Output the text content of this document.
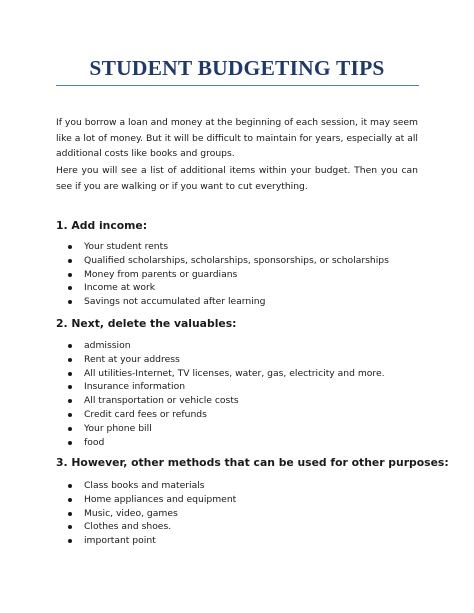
STUDENT BUDGETING TIPS

If you borrow a loan and money at the beginning of each session, it may seem like a lot of money. But it will be difficult to maintain for years, especially at all additional costs like books and groups.

Here you will see a list of additional items within your budget. Then you can see if you are walking or if you want to cut everything.

1. Add income:
Your student rents
Qualified scholarships, scholarships, sponsorships, or scholarships
Money from parents or guardians
Income at work
Savings not accumulated after learning
2. Next, delete the valuables:
admission
Rent at your address
All utilities-Internet, TV licenses, water, gas, electricity and more.
Insurance information
All transportation or vehicle costs
Credit card fees or refunds
Your phone bill
food
3. However, other methods that can be used for other purposes:
Class books and materials
Home appliances and equipment
Music, video, games
Clothes and shoes.
important point
